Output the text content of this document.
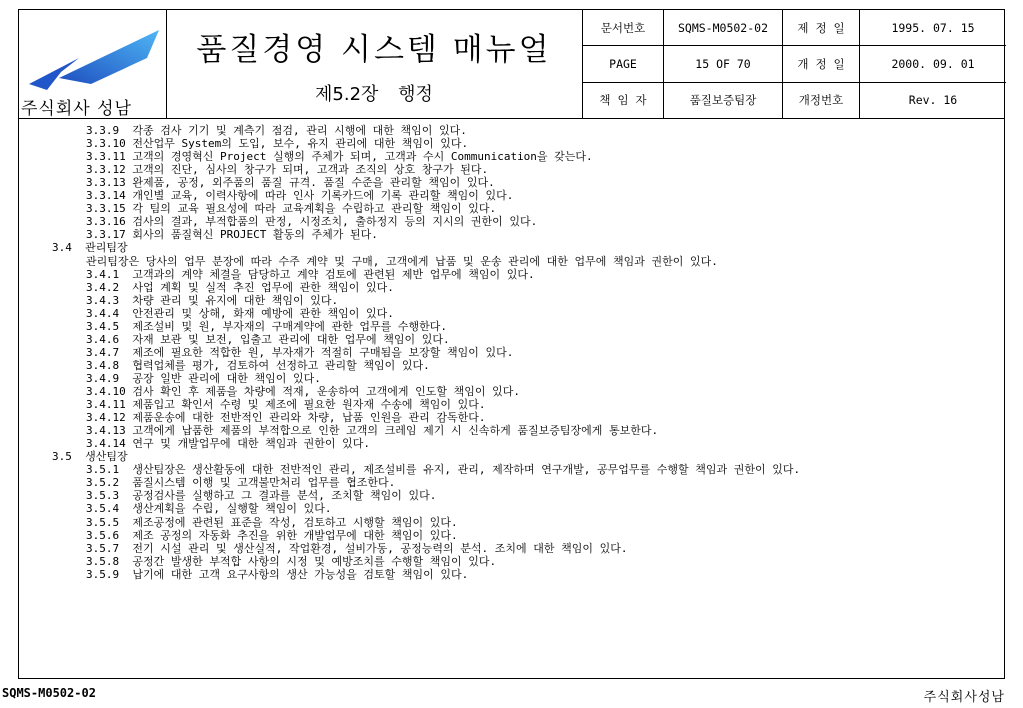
주식회사 성남
품질경영 시스템 매뉴얼
제5.2장 행정
문서번호	SQMS-M0502-02	제 정 일	1995. 07. 15
PAGE	15 OF 70	개 정 일	2000. 09. 01
책 임 자	품질보증팀장	개정번호	Rev. 16
3.3.9  각종 검사 기기 및 계측기 점검, 관리 시행에 대한 책임이 있다.
3.3.10 전산업무 System의 도입, 보수, 유지 관리에 대한 책임이 있다.
3.3.11 고객의 경영혁신 Project 실행의 주체가 되며, 고객과 수시 Communication을 갖는다.
3.3.12 고객의 진단, 심사의 창구가 되며, 고객과 조직의 상호 창구가 된다.
3.3.13 완제품, 공정, 외주품의 품질 규격. 품질 수준을 관리할 책임이 있다.
3.3.14 개인별 교육, 이력사항에 따라 인사 기록카드에 기록 관리할 책임이 있다.
3.3.15 각 팀의 교육 필요성에 따라 교육계획을 수립하고 관리할 책임이 있다.
3.3.16 검사의 결과, 부적합품의 판정, 시정조치, 출하정지 등의 지시의 권한이 있다.
3.3.17 회사의 품질혁신 PROJECT 활동의 주체가 된다.
3.4  관리팀장
관리팀장은 당사의 업무 분장에 따라 수주 계약 및 구매, 고객에게 납품 및 운송 관리에 대한 업무에 책임과 권한이 있다.
3.4.1  고객과의 계약 체결을 담당하고 계약 검토에 관련된 제반 업무에 책임이 있다.
3.4.2  사업 계획 및 실적 추진 업무에 관한 책임이 있다.
3.4.3  차량 관리 및 유지에 대한 책임이 있다.
3.4.4  안전관리 및 상해, 화재 예방에 관한 책임이 있다.
3.4.5  제조설비 및 원, 부자재의 구매계약에 관한 업무를 수행한다.
3.4.6  자재 보관 및 보전, 입출고 관리에 대한 업무에 책임이 있다.
3.4.7  제조에 필요한 적합한 원, 부자재가 적절히 구매됨을 보장할 책임이 있다.
3.4.8  협력업체를 평가, 검토하여 선정하고 관리할 책임이 있다.
3.4.9  공장 일반 관리에 대한 책임이 있다.
3.4.10 검사 확인 후 제품을 차량에 적재, 운송하여 고객에게 인도할 책임이 있다.
3.4.11 제품입고 확인서 수령 및 제조에 필요한 원자재 수송에 책임이 있다.
3.4.12 제품운송에 대한 전반적인 관리와 차량, 납품 인원을 관리 감독한다.
3.4.13 고객에게 납품한 제품의 부적합으로 인한 고객의 크레임 제기 시 신속하게 품질보증팀장에게 통보한다.
3.4.14 연구 및 개발업무에 대한 책임과 권한이 있다.
3.5  생산팀장
3.5.1  생산팀장은 생산활동에 대한 전반적인 관리, 제조설비를 유지, 관리, 제작하며 연구개발, 공무업무를 수행할 책임과 권한이 있다.
3.5.2  품질시스템 이행 및 고객불만처리 업무를 협조한다.
3.5.3  공정검사를 실행하고 그 결과를 분석, 조치할 책임이 있다.
3.5.4  생산계획을 수립, 실행할 책임이 있다.
3.5.5  제조공정에 관련된 표준을 작성, 검토하고 시행할 책임이 있다.
3.5.6  제조 공정의 자동화 추진을 위한 개발업무에 대한 책임이 있다.
3.5.7  전기 시설 관리 및 생산실적, 작업환경, 설비가동, 공정능력의 분석. 조치에 대한 책임이 있다.
3.5.8  공정간 발생한 부적합 사항의 시정 및 예방조치를 수행할 책임이 있다.
3.5.9  납기에 대한 고객 요구사항의 생산 가능성을 검토할 책임이 있다.
SQMS-M0502-02	주식회사성남
